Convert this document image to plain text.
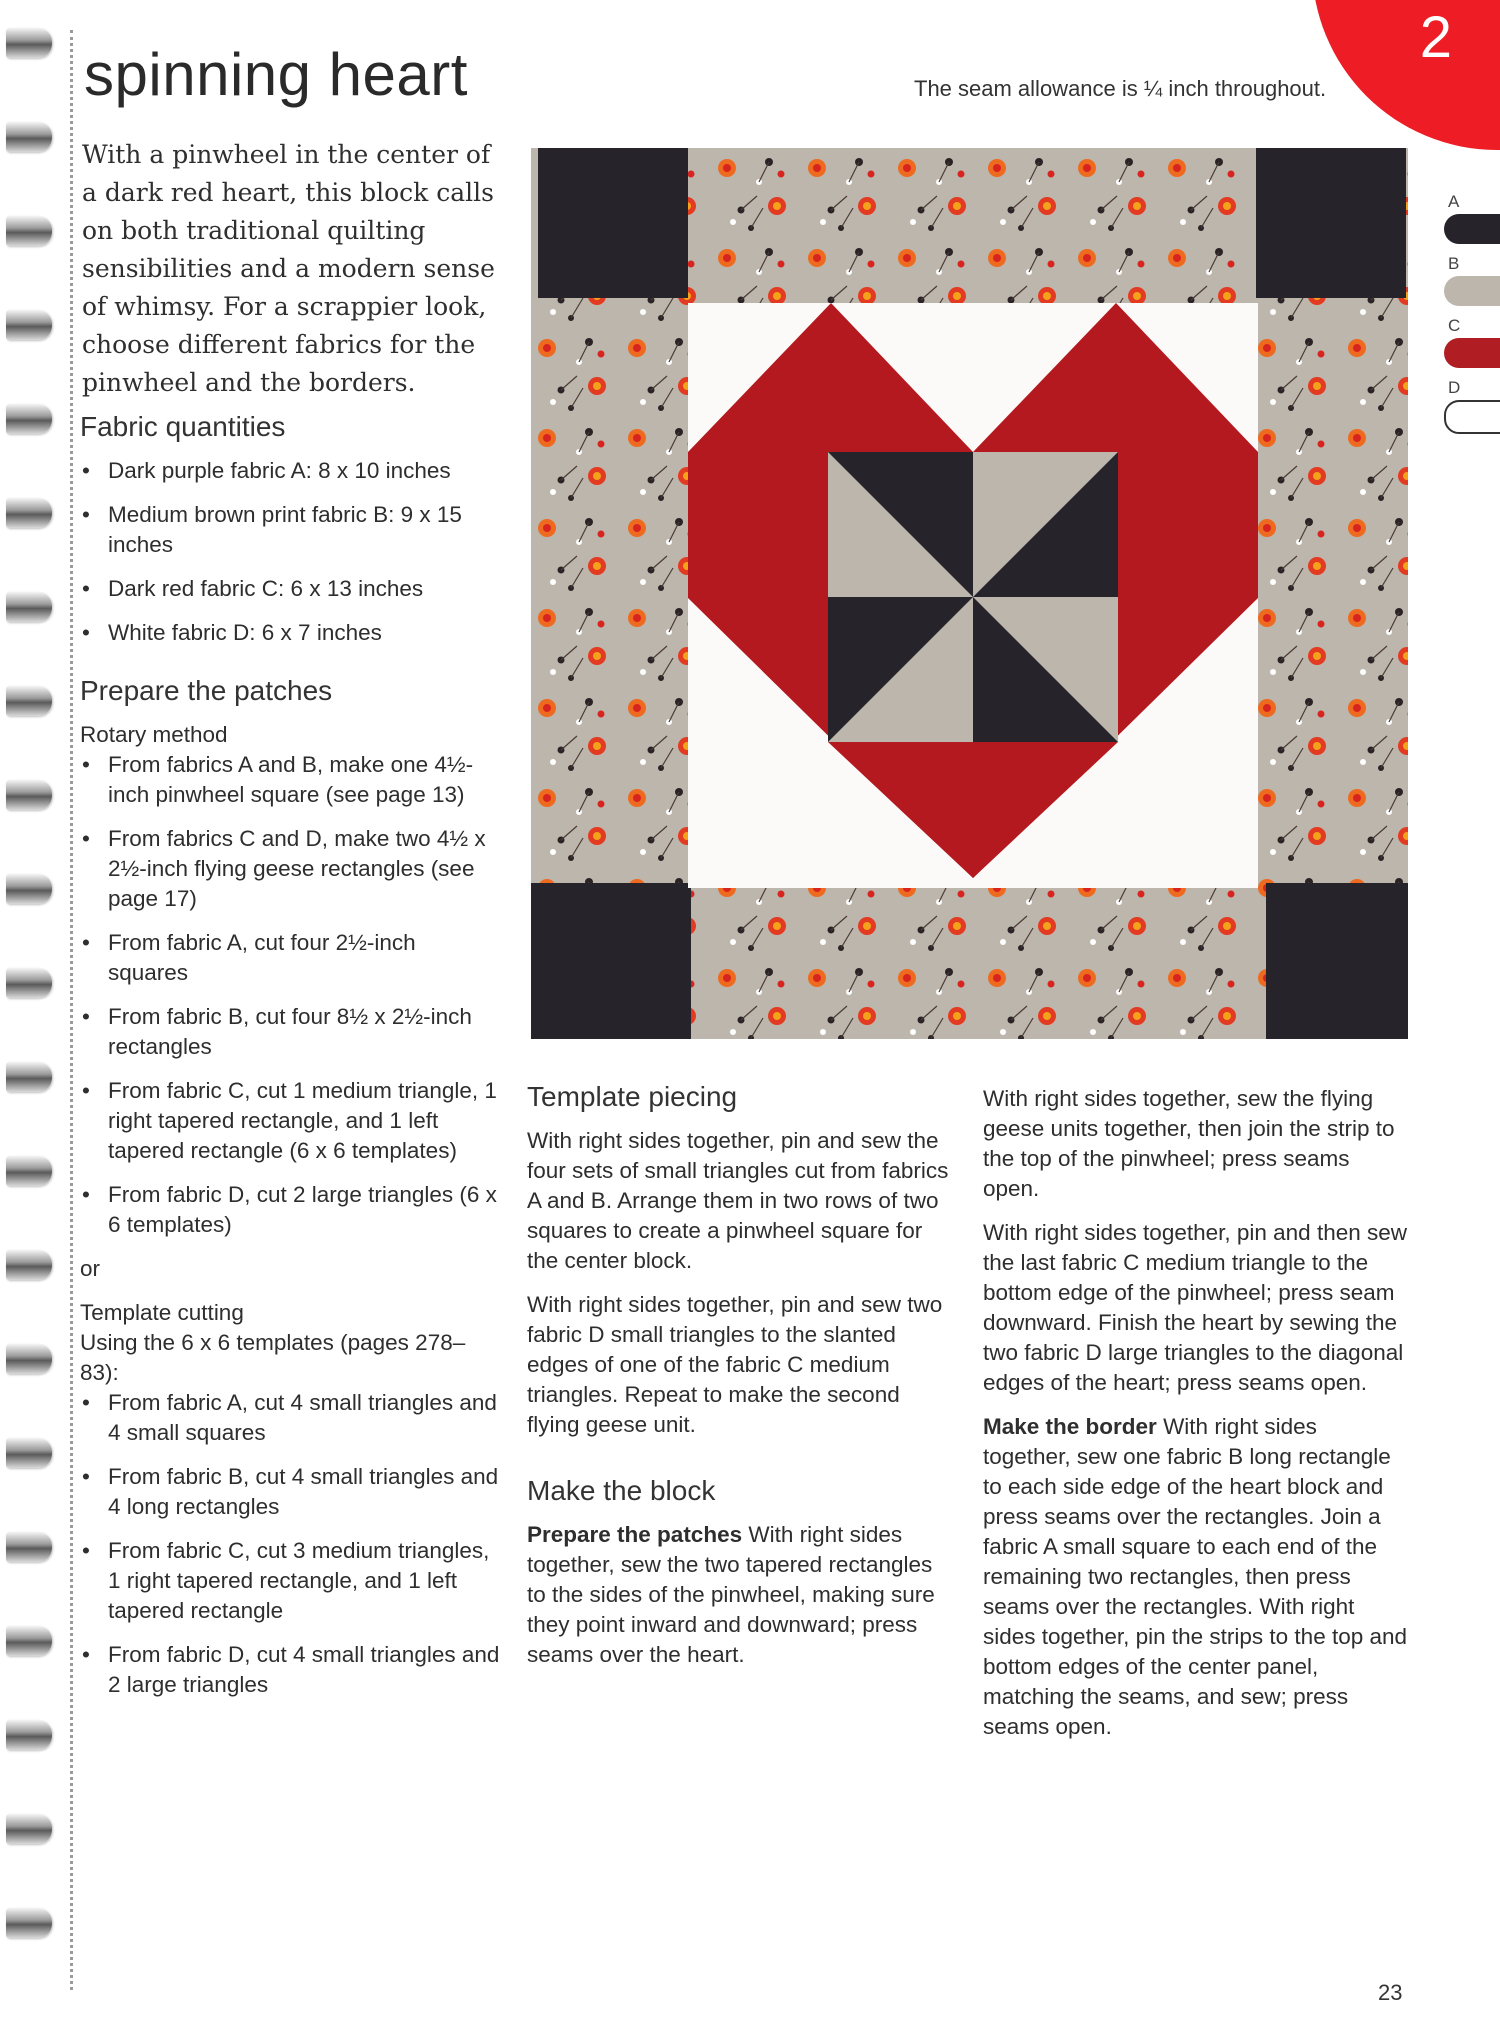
2
spinning heart	The seam allowance is ¼ inch throughout.

With a pinwheel in the center of a dark red heart, this block calls on both traditional quilting sensibilities and a modern sense of whimsy. For a scrappier look, choose different fabrics for the pinwheel and the borders.

Fabric quantities
• Dark purple fabric A: 8 x 10 inches
• Medium brown print fabric B: 9 x 15 inches
• Dark red fabric C: 6 x 13 inches
• White fabric D: 6 x 7 inches
Prepare the patches

Rotary method

• From fabrics A and B, make one 4½-inch pinwheel square (see page 13)
• From fabrics C and D, make two 4½ x 2½-inch flying geese rectangles (see page 17)
• From fabric A, cut four 2½-inch squares
• From fabric B, cut four 8½ x 2½-inch rectangles
• From fabric C, cut 1 medium triangle, 1 right tapered rectangle, and 1 left tapered rectangle (6 x 6 templates)
• From fabric D, cut 2 large triangles (6 x 6 templates)

or

Template cutting

Using the 6 x 6 templates (pages 278–83):

• From fabric A, cut 4 small triangles and 4 small squares
• From fabric B, cut 4 small triangles and 4 long rectangles
• From fabric C, cut 3 medium triangles, 1 right tapered rectangle, and 1 left tapered rectangle
• From fabric D, cut 4 small triangles and 2 large triangles
Template piecing

With right sides together, pin and sew the four sets of small triangles cut from fabrics A and B. Arrange them in two rows of two squares to create a pinwheel square for the center block.

With right sides together, pin and sew two fabric D small triangles to the slanted edges of one of the fabric C medium triangles. Repeat to make the second flying geese unit.

Make the block

Prepare the patches With right sides together, sew the two tapered rectangles to the sides of the pinwheel, making sure they point inward and downward; press seams over the heart.

With right sides together, sew the flying geese units together, then join the strip to the top of the pinwheel; press seams open.

With right sides together, pin and then sew the last fabric C medium triangle to the bottom edge of the pinwheel; press seam downward. Finish the heart by sewing the two fabric D large triangles to the diagonal edges of the heart; press seams open.

Make the border With right sides together, sew one fabric B long rectangle to each side edge of the heart block and press seams over the rectangles. Join a fabric A small square to each end of the remaining two rectangles, then press seams over the rectangles. With right sides together, pin the strips to the top and bottom edges of the center panel, matching the seams, and sew; press seams open.

A
B
C
D
23
